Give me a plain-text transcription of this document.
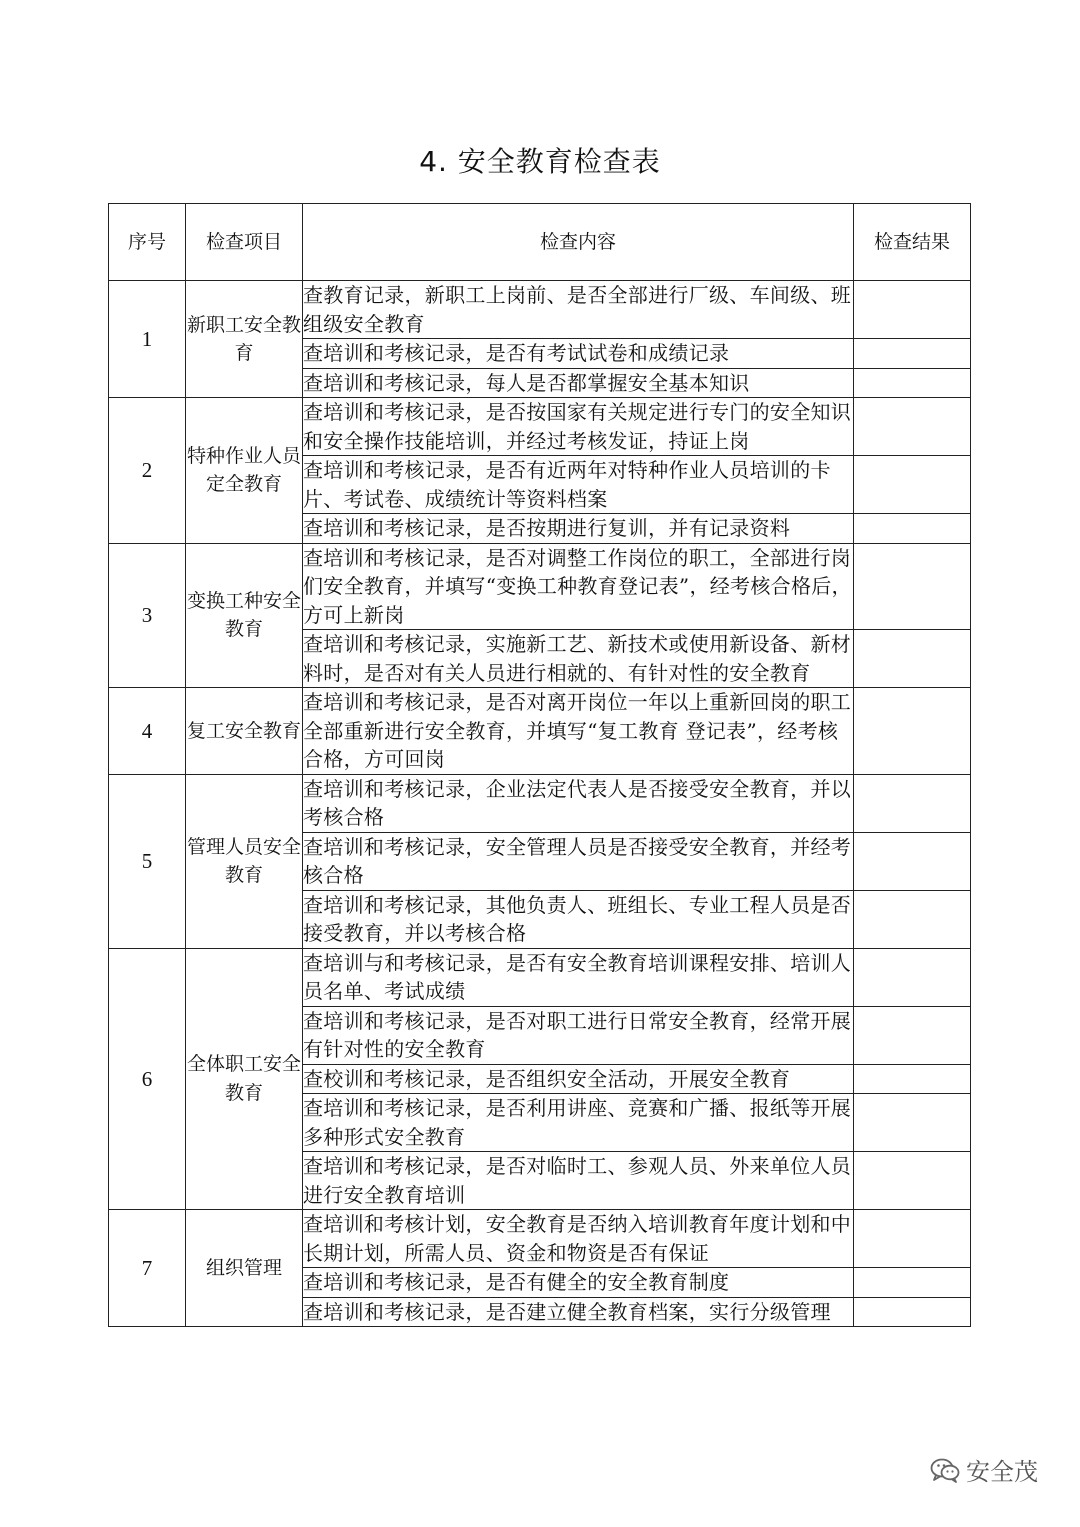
4. 安全教育检查表
序号	检查项目	检查内容	检查结果
1	新职工安全教育	查教育记录，新职工上岗前、是否全部进行厂级、车间级、班组级安全教育	
		查培训和考核记录，是否有考试试卷和成绩记录	
		查培训和考核记录，每人是否都掌握安全基本知识	
2	特种作业人员定全教育	查培训和考核记录，是否按国家有关规定进行专门的安全知识和安全操作技能培训，并经过考核发证，持证上岗	
		查培训和考核记录，是否有近两年对特种作业人员培训的卡片、考试卷、成绩统计等资料档案	
		查培训和考核记录，是否按期进行复训，并有记录资料	
3	变换工种安全教育	查培训和考核记录，是否对调整工作岗位的职工，全部进行岗们安全教育，并填写“变换工种教育登记表”，经考核合格后，方可上新岗	
		查培训和考核记录，实施新工艺、新技术或使用新设备、新材料时，是否对有关人员进行相就的、有针对性的安全教育	
4	复工安全教育	查培训和考核记录，是否对离开岗位一年以上重新回岗的职工全部重新进行安全教育，并填写“复工教育 登记表”，经考核合格，方可回岗	
5	管理人员安全教育	查培训和考核记录，企业法定代表人是否接受安全教育，并以考核合格	
		查培训和考核记录，安全管理人员是否接受安全教育，并经考核合格	
		查培训和考核记录，其他负责人、班组长、专业工程人员是否接受教育，并以考核合格	
6	全体职工安全教育	查培训与和考核记录，是否有安全教育培训课程安排、培训人员名单、考试成绩	
		查培训和考核记录，是否对职工进行日常安全教育，经常开展有针对性的安全教育	
		查校训和考核记录，是否组织安全活动，开展安全教育	
		查培训和考核记录，是否利用讲座、竞赛和广播、报纸等开展多种形式安全教育	
		查培训和考核记录，是否对临时工、参观人员、外来单位人员进行安全教育培训	
7	组织管理	查培训和考核计划，安全教育是否纳入培训教育年度计划和中长期计划，所需人员、资金和物资是否有保证	
		查培训和考核记录，是否有健全的安全教育制度	
		查培训和考核记录，是否建立健全教育档案，实行分级管理	
安全茂
